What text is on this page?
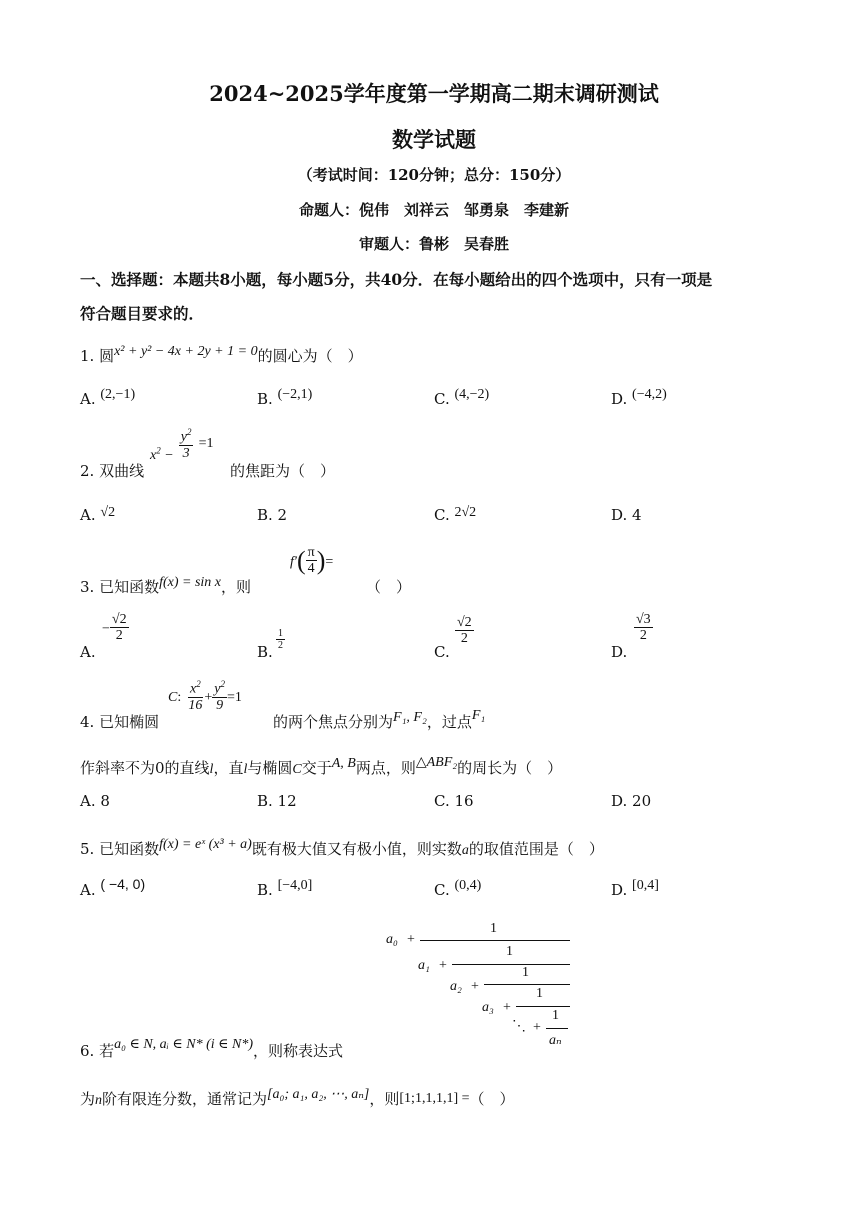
2024~2025学年度第一学期高二期末调研测试
数学试题
（考试时间：120分钟；总分：150分）
命题人：倪伟　刘祥云　邹勇泉　李建新
审题人：鲁彬　吴春胜
一、选择题：本题共8小题，每小题5分，共40分．在每小题给出的四个选项中，只有一项是
符合题目要求的．
1. 圆x² + y² − 4x + 2y + 1 = 0的圆心为（　）
A. (2,−1)	B. (−2,1)	C. (4,−2)	D. (−4,2)
2. 双曲线
$x^2 - \frac{y^2}{3} =1$
的焦距为（　）
A. √2	B. 2	C. 2√2	D. 4
3. 已知函数f(x) = sin x，则
$f'( \frac{\pi}{4}$ )=
（　）
A.
− $\frac{√2}{2}$
B.
$\frac{1}{2}$
C.
$\frac{√2}{2}$
D.
$\frac{√3}{2}$
4. 已知椭圆
C: $\frac{x^2}{16} + \frac{y^2}{9} =1$
的两个焦点分别为F₁, F₂，过点F₁
作斜率不为0的直线l，直l与椭圆C交于A, B两点，则△ABF₂的周长为（　）
A. 8	B. 12	C. 16	D. 20
5. 已知函数f(x) = eˣ (x³ + a)既有极大值又有极小值，则实数a的取值范围是（　）
A. ( −4, 0)	B. [−4,0]	C. (0,4)	D. [0,4]
a₀ +
1
a₁ +
1
a₂ +
1
a₃ +
1
⋱ +
1
aₙ
6. 若a₀ ∈ N, aᵢ ∈ N* (i ∈ N*)，则称表达式
为n阶有限连分数，通常记为[a₀; a₁, a₂, ⋯, aₙ]，则[1;1,1,1,1] =（　）
